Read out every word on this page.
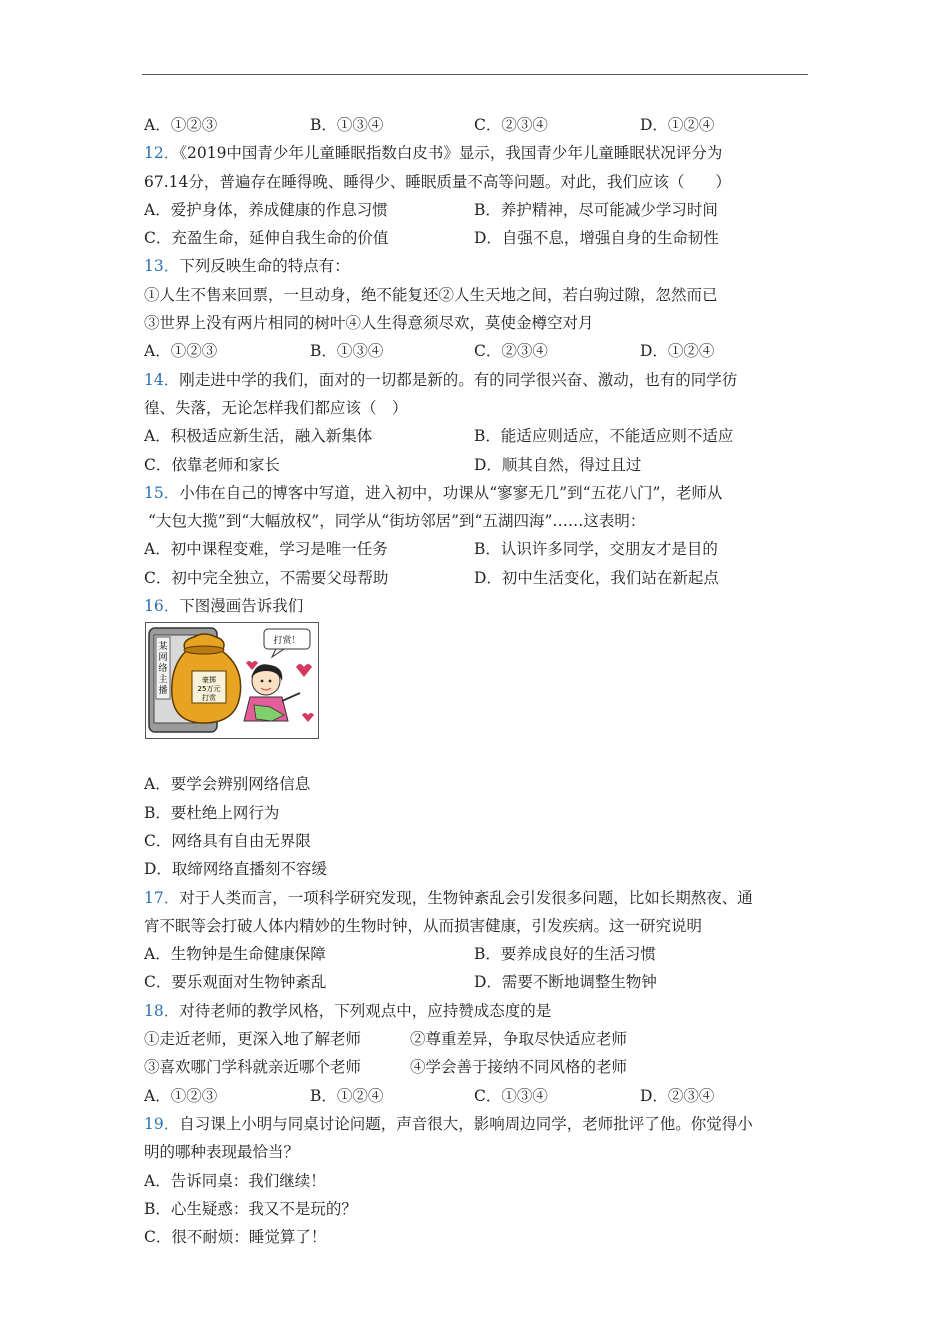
A．①②③	B．①③④	C．②③④	D．①②④
12．《2019中国青少年儿童睡眠指数白皮书》显示，我国青少年儿童睡眠状况评分为
67.14分，普遍存在睡得晚、睡得少、睡眠质量不高等问题。对此，我们应该（　　）
A．爱护身体，养成健康的作息习惯	B．养护精神，尽可能减少学习时间
C．充盈生命，延伸自我生命的价值	D．自强不息，增强自身的生命韧性
13．下列反映生命的特点有：
①人生不售来回票，一旦动身，绝不能复还②人生天地之间，若白驹过隙，忽然而已
③世界上没有两片相同的树叶④人生得意须尽欢，莫使金樽空对月
A．①②③	B．①③④	C．②③④	D．①②④
14．刚走进中学的我们，面对的一切都是新的。有的同学很兴奋、激动，也有的同学彷
徨、失落，无论怎样我们都应该（　）
A．积极适应新生活，融入新集体	B．能适应则适应，不能适应则不适应
C．依靠老师和家长	D．顺其自然，得过且过
15．小伟在自己的博客中写道，进入初中，功课从“寥寥无几”到“五花八门”，老师从
“大包大揽”到“大幅放权”，同学从“街坊邻居”到“五湖四海”……这表明：
A．初中课程变难，学习是唯一任务	B．认识许多同学，交朋友才是目的
C．初中完全独立，不需要父母帮助	D．初中生活变化，我们站在新起点
16．下图漫画告诉我们
某
网
络
主
播
豪掷
25万元
打赏
打赏！
A．要学会辨别网络信息
B．要杜绝上网行为
C．网络具有自由无界限
D．取缔网络直播刻不容缓
17．对于人类而言，一项科学研究发现，生物钟紊乱会引发很多问题，比如长期熬夜、通
宵不眠等会打破人体内精妙的生物时钟，从而损害健康，引发疾病。这一研究说明
A．生物钟是生命健康保障	B．要养成良好的生活习惯
C．要乐观面对生物钟紊乱	D．需要不断地调整生物钟
18．对待老师的教学风格，下列观点中，应持赞成态度的是
①走近老师，更深入地了解老师	②尊重差异，争取尽快适应老师
③喜欢哪门学科就亲近哪个老师	④学会善于接纳不同风格的老师
A．①②③	B．①②④	C．①③④	D．②③④
19．自习课上小明与同桌讨论问题，声音很大，影响周边同学，老师批评了他。你觉得小
明的哪种表现最恰当？
A．告诉同桌：我们继续！
B．心生疑惑：我又不是玩的？
C．很不耐烦：睡觉算了！
